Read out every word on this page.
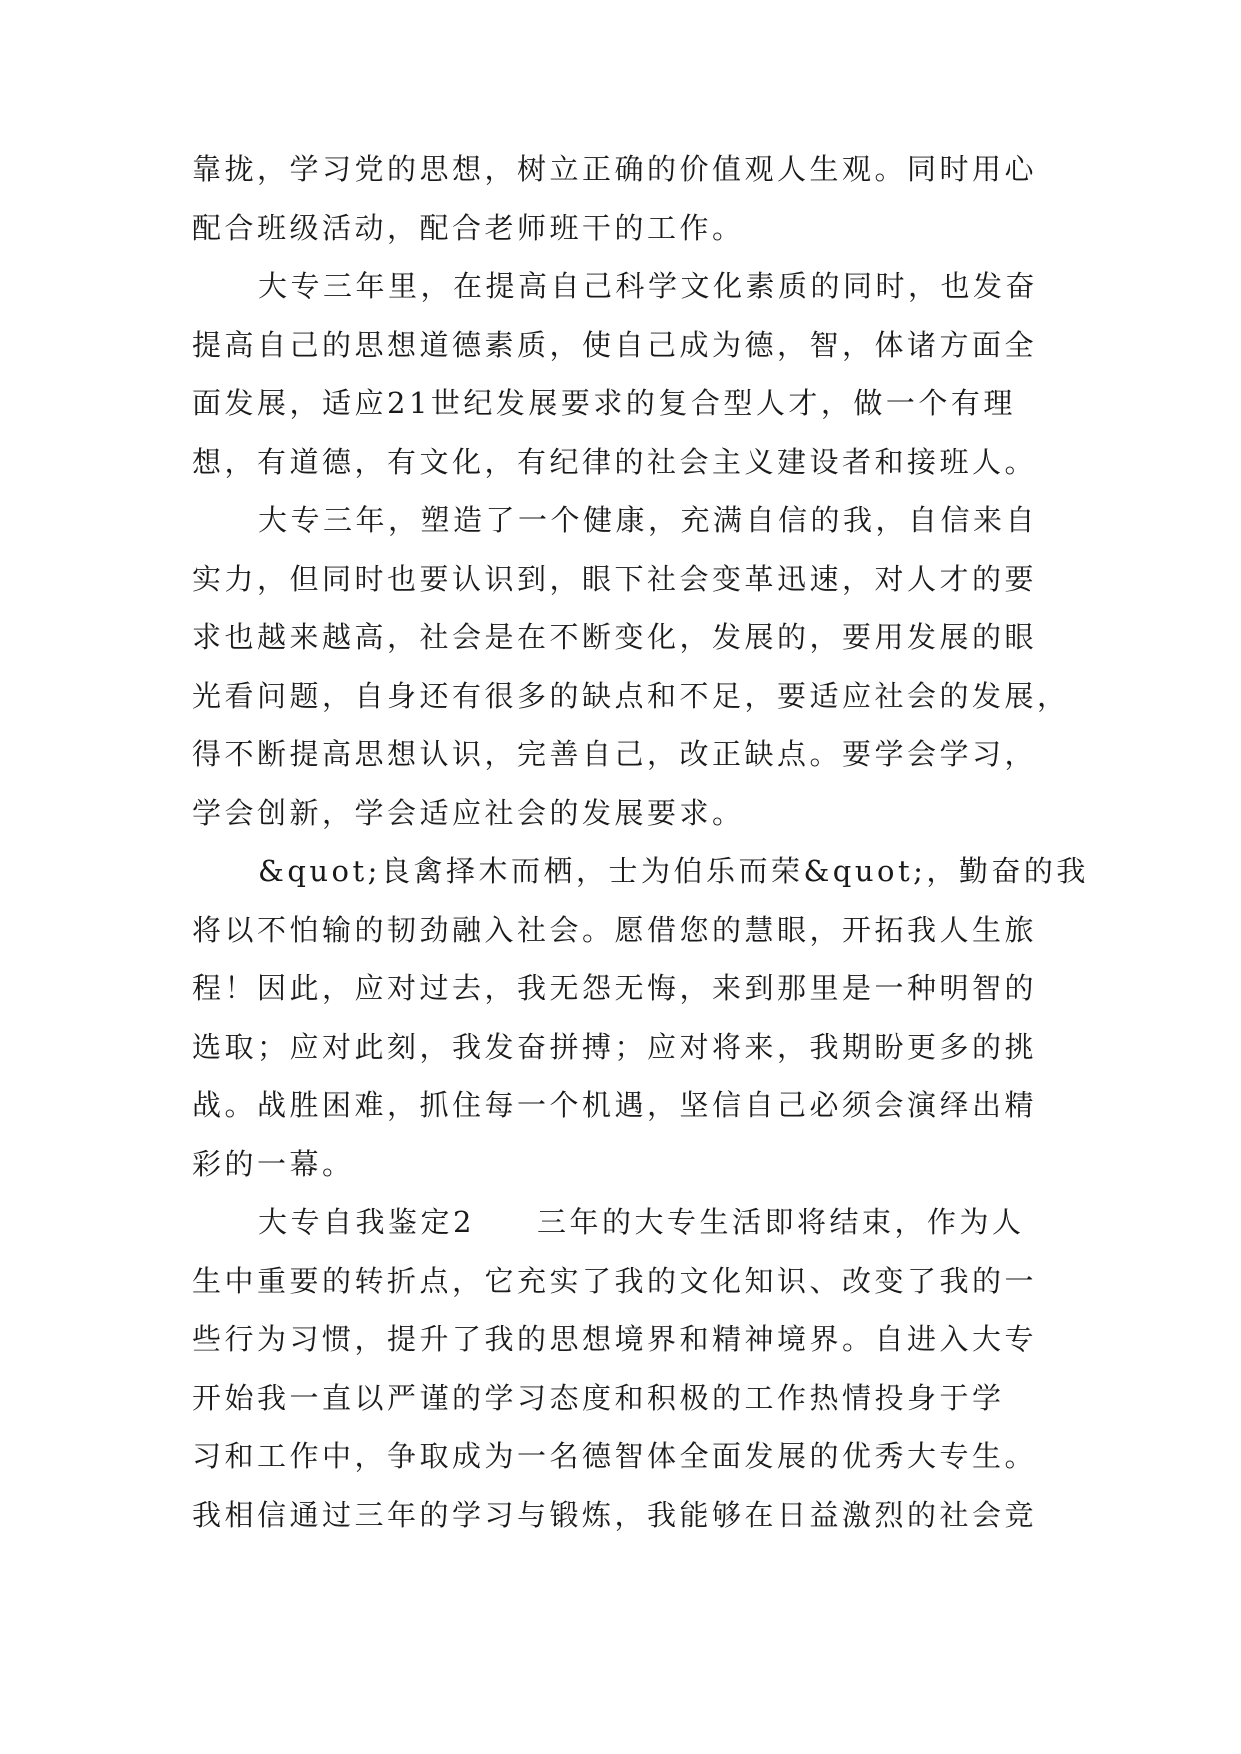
靠拢，学习党的思想，树立正确的价值观人生观。同时用心
配合班级活动，配合老师班干的工作。
大专三年里，在提高自己科学文化素质的同时，也发奋
提高自己的思想道德素质，使自己成为德，智，体诸方面全
面发展，适应21世纪发展要求的复合型人才，做一个有理
想，有道德，有文化，有纪律的社会主义建设者和接班人。
大专三年，塑造了一个健康，充满自信的我，自信来自
实力，但同时也要认识到，眼下社会变革迅速，对人才的要
求也越来越高，社会是在不断变化，发展的，要用发展的眼
光看问题，自身还有很多的缺点和不足，要适应社会的发展，
得不断提高思想认识，完善自己，改正缺点。要学会学习，
学会创新，学会适应社会的发展要求。
&quot;良禽择木而栖，士为伯乐而荣&quot;，勤奋的我
将以不怕输的韧劲融入社会。愿借您的慧眼，开拓我人生旅
程！因此，应对过去，我无怨无悔，来到那里是一种明智的
选取；应对此刻，我发奋拼搏；应对将来，我期盼更多的挑
战。战胜困难，抓住每一个机遇，坚信自己必须会演绎出精
彩的一幕。
大专自我鉴定2 三年的大专生活即将结束，作为人
生中重要的转折点，它充实了我的文化知识、改变了我的一
些行为习惯，提升了我的思想境界和精神境界。自进入大专
开始我一直以严谨的学习态度和积极的工作热情投身于学
习和工作中，争取成为一名德智体全面发展的优秀大专生。
我相信通过三年的学习与锻炼，我能够在日益激烈的社会竞
